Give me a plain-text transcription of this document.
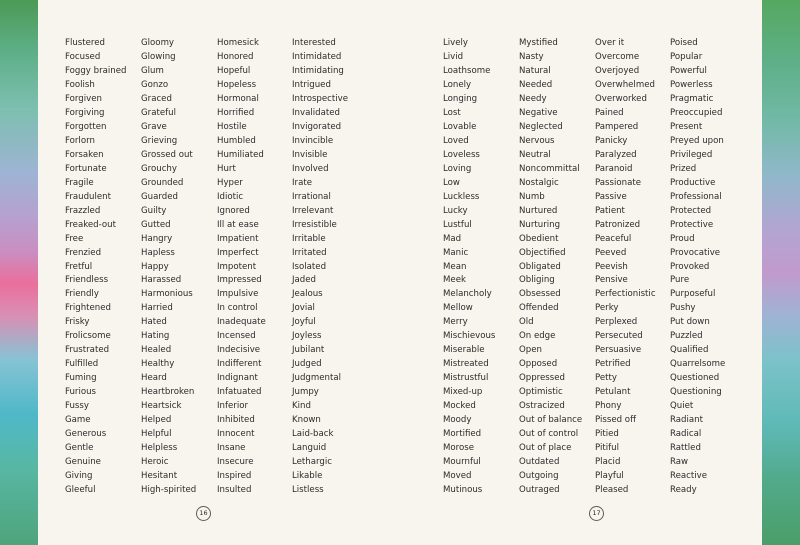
Flustered
Focused
Foggy brained
Foolish
Forgiven
Forgiving
Forgotten
Forlorn
Forsaken
Fortunate
Fragile
Fraudulent
Frazzled
Freaked-out
Free
Frenzied
Fretful
Friendless
Friendly
Frightened
Frisky
Frolicsome
Frustrated
Fulfilled
Fuming
Furious
Fussy
Game
Generous
Gentle
Genuine
Giving
Gleeful
Gloomy
Glowing
Glum
Gonzo
Graced
Grateful
Grave
Grieving
Grossed out
Grouchy
Grounded
Guarded
Guilty
Gutted
Hangry
Hapless
Happy
Harassed
Harmonious
Harried
Hated
Hating
Healed
Healthy
Heard
Heartbroken
Heartsick
Helped
Helpful
Helpless
Heroic
Hesitant
High-spirited
Homesick
Honored
Hopeful
Hopeless
Hormonal
Horrified
Hostile
Humbled
Humiliated
Hurt
Hyper
Idiotic
Ignored
Ill at ease
Impatient
Imperfect
Impotent
Impressed
Impulsive
In control
Inadequate
Incensed
Indecisive
Indifferent
Indignant
Infatuated
Inferior
Inhibited
Innocent
Insane
Insecure
Inspired
Insulted
Interested
Intimidated
Intimidating
Intrigued
Introspective
Invalidated
Invigorated
Invincible
Invisible
Involved
Irate
Irrational
Irrelevant
Irresistible
Irritable
Irritated
Isolated
Jaded
Jealous
Jovial
Joyful
Joyless
Jubilant
Judged
Judgmental
Jumpy
Kind
Known
Laid-back
Languid
Lethargic
Likable
Listless
16
Lively
Livid
Loathsome
Lonely
Longing
Lost
Lovable
Loved
Loveless
Loving
Low
Luckless
Lucky
Lustful
Mad
Manic
Mean
Meek
Melancholy
Mellow
Merry
Mischievous
Miserable
Mistreated
Mistrustful
Mixed-up
Mocked
Moody
Mortified
Morose
Mournful
Moved
Mutinous
Mystified
Nasty
Natural
Needed
Needy
Negative
Neglected
Nervous
Neutral
Noncommittal
Nostalgic
Numb
Nurtured
Nurturing
Obedient
Objectified
Obligated
Obliging
Obsessed
Offended
Old
On edge
Open
Opposed
Oppressed
Optimistic
Ostracized
Out of balance
Out of control
Out of place
Outdated
Outgoing
Outraged
Over it
Overcome
Overjoyed
Overwhelmed
Overworked
Pained
Pampered
Panicky
Paralyzed
Paranoid
Passionate
Passive
Patient
Patronized
Peaceful
Peeved
Peevish
Pensive
Perfectionistic
Perky
Perplexed
Persecuted
Persuasive
Petrified
Petty
Petulant
Phony
Pissed off
Pitied
Pitiful
Placid
Playful
Pleased
Poised
Popular
Powerful
Powerless
Pragmatic
Preoccupied
Present
Preyed upon
Privileged
Prized
Productive
Professional
Protected
Protective
Proud
Provocative
Provoked
Pure
Purposeful
Pushy
Put down
Puzzled
Qualified
Quarrelsome
Questioned
Questioning
Quiet
Radiant
Radical
Rattled
Raw
Reactive
Ready
17
